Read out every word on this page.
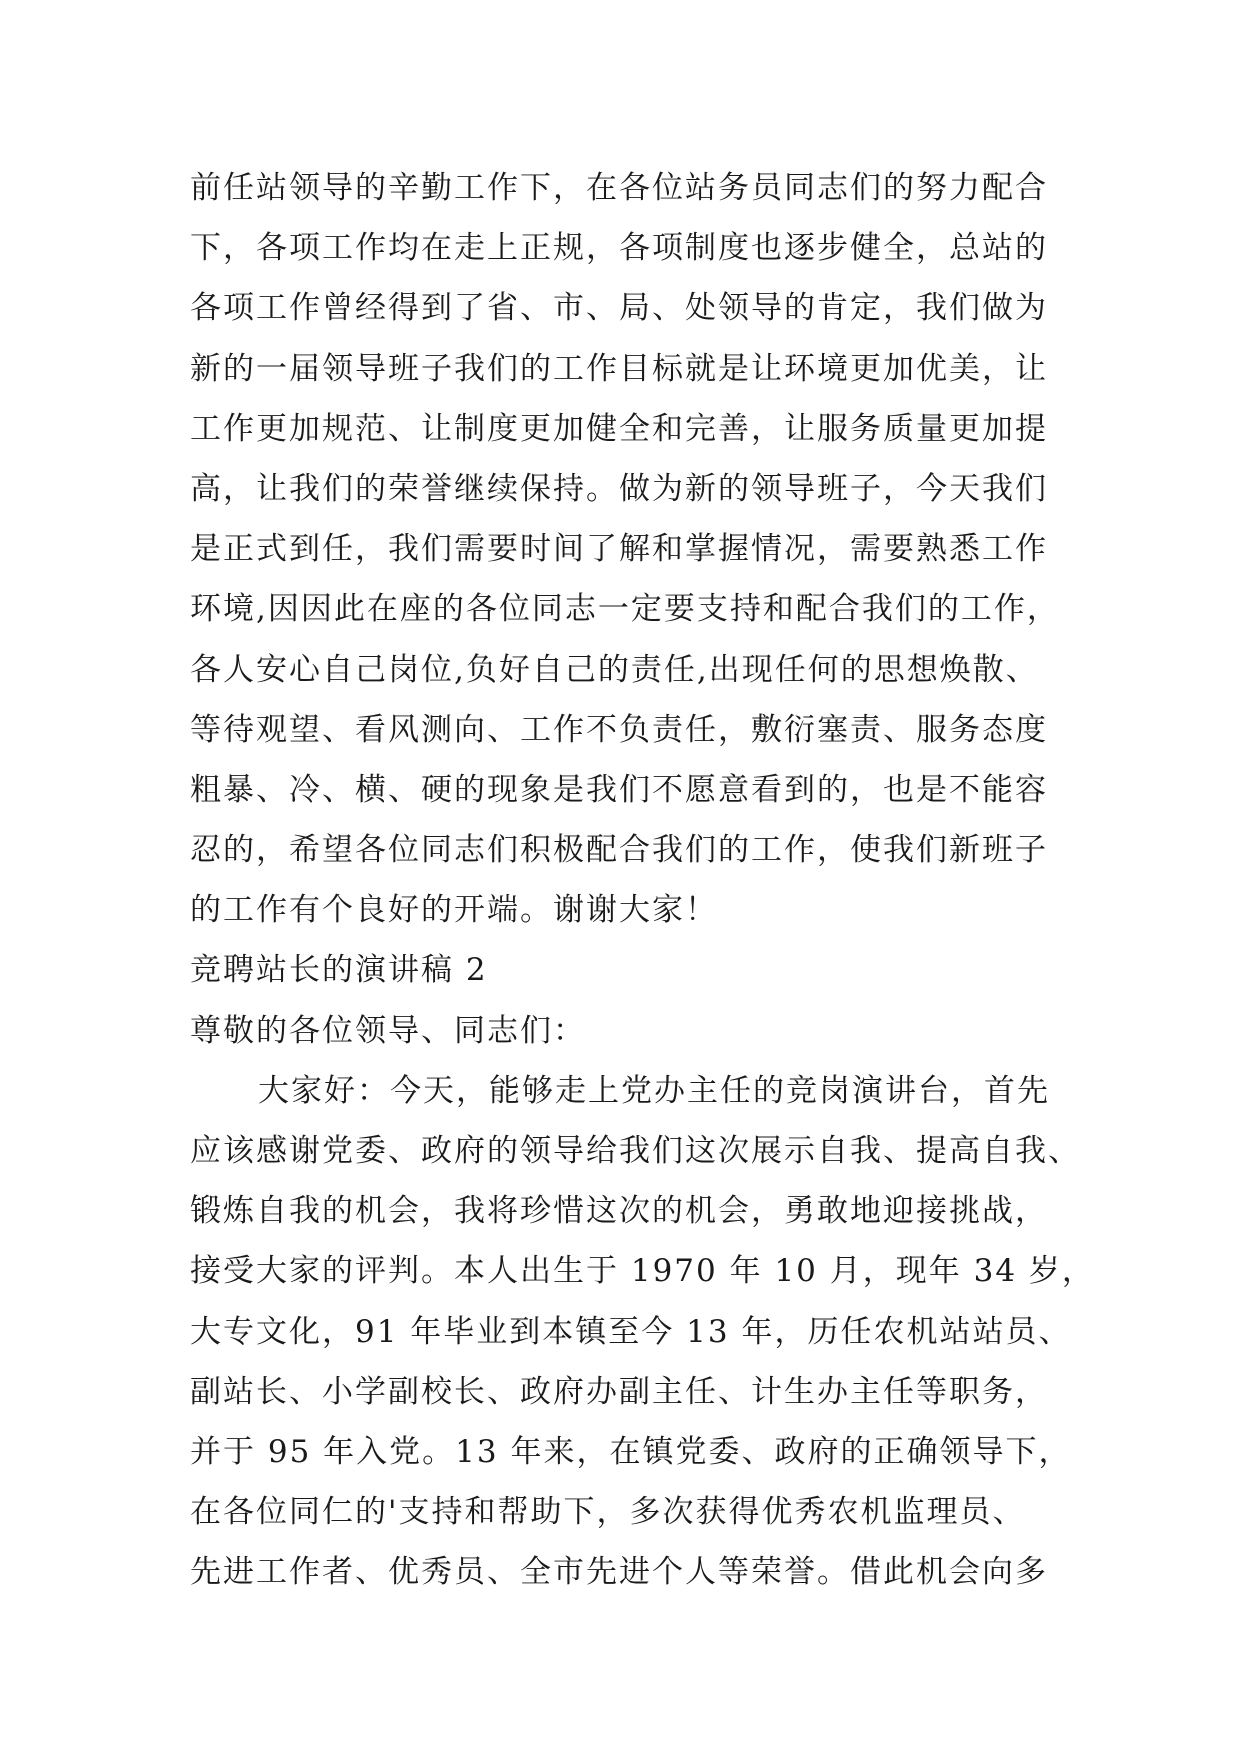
前任站领导的辛勤工作下，在各位站务员同志们的努力配合

下，各项工作均在走上正规，各项制度也逐步健全，总站的

各项工作曾经得到了省、市、局、处领导的肯定，我们做为

新的一届领导班子我们的工作目标就是让环境更加优美，让

工作更加规范、让制度更加健全和完善，让服务质量更加提

高，让我们的荣誉继续保持。做为新的领导班子，今天我们

是正式到任，我们需要时间了解和掌握情况，需要熟悉工作

环境,因因此在座的各位同志一定要支持和配合我们的工作，

各人安心自己岗位,负好自己的责任,出现任何的思想焕散、

等待观望、看风测向、工作不负责任，敷衍塞责、服务态度

粗暴、冷、横、硬的现象是我们不愿意看到的，也是不能容

忍的，希望各位同志们积极配合我们的工作，使我们新班子

的工作有个良好的开端。谢谢大家！

竞聘站长的演讲稿 2

尊敬的各位领导、同志们：

大家好：今天，能够走上党办主任的竞岗演讲台，首先

应该感谢党委、政府的领导给我们这次展示自我、提高自我、

锻炼自我的机会，我将珍惜这次的机会，勇敢地迎接挑战，

接受大家的评判。本人出生于 1970 年 10 月，现年 34 岁，

大专文化，91 年毕业到本镇至今 13 年，历任农机站站员、

副站长、小学副校长、政府办副主任、计生办主任等职务，

并于 95 年入党。13 年来，在镇党委、政府的正确领导下，

在各位同仁的'支持和帮助下，多次获得优秀农机监理员、

先进工作者、优秀员、全市先进个人等荣誉。借此机会向多
